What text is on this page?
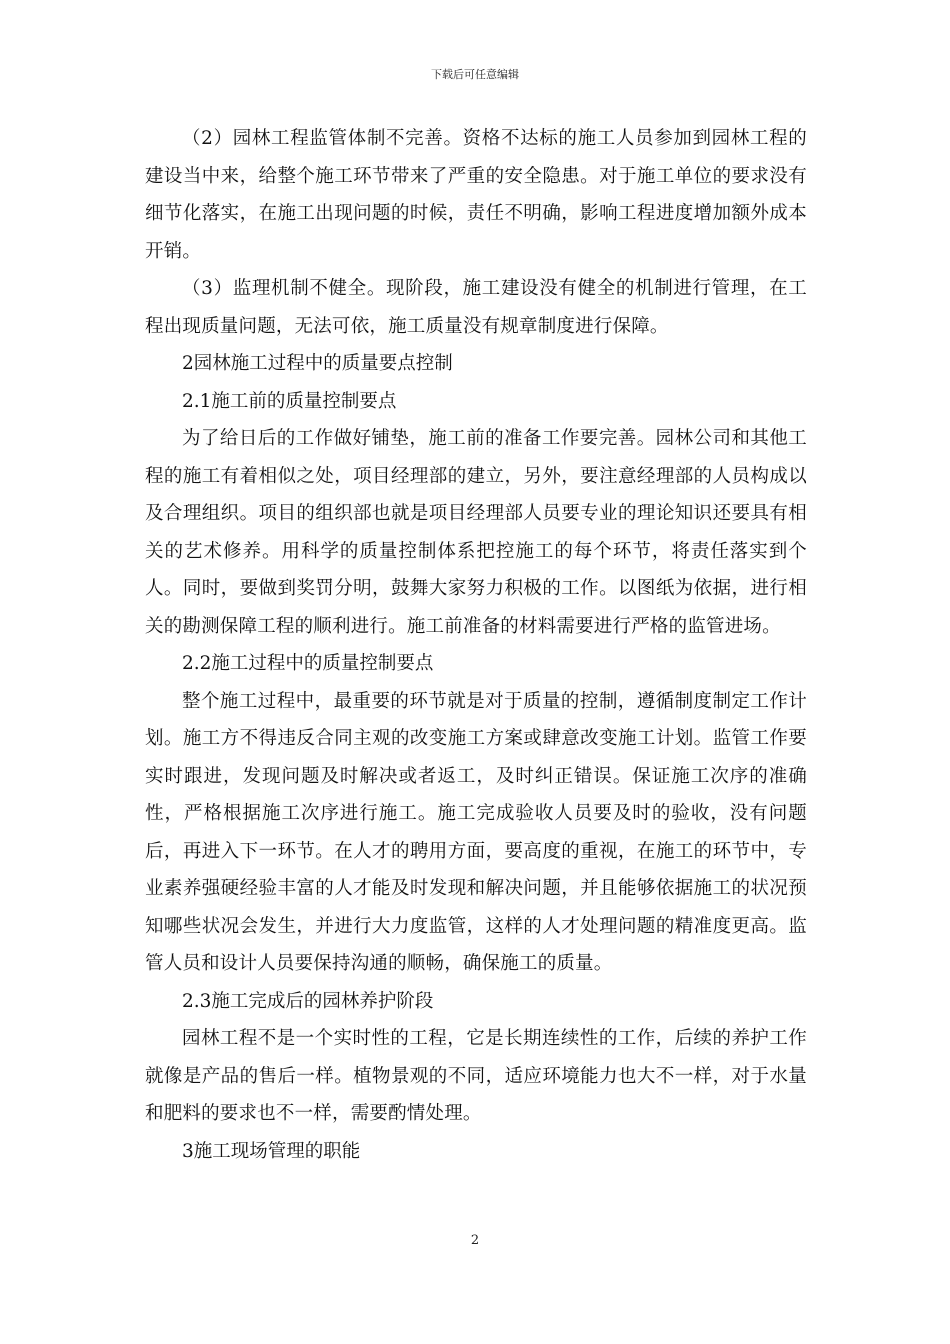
下载后可任意编辑

（2）园林工程监管体制不完善。资格不达标的施工人员参加到园林工程的建设当中来，给整个施工环节带来了严重的安全隐患。对于施工单位的要求没有细节化落实，在施工出现问题的时候，责任不明确，影响工程进度增加额外成本开销。

（3）监理机制不健全。现阶段，施工建设没有健全的机制进行管理，在工程出现质量问题，无法可依，施工质量没有规章制度进行保障。

2园林施工过程中的质量要点控制

2.1施工前的质量控制要点

为了给日后的工作做好铺垫，施工前的准备工作要完善。园林公司和其他工程的施工有着相似之处，项目经理部的建立，另外，要注意经理部的人员构成以及合理组织。项目的组织部也就是项目经理部人员要专业的理论知识还要具有相关的艺术修养。用科学的质量控制体系把控施工的每个环节，将责任落实到个人。同时，要做到奖罚分明，鼓舞大家努力积极的工作。以图纸为依据，进行相关的勘测保障工程的顺利进行。施工前准备的材料需要进行严格的监管进场。

2.2施工过程中的质量控制要点

整个施工过程中，最重要的环节就是对于质量的控制，遵循制度制定工作计划。施工方不得违反合同主观的改变施工方案或肆意改变施工计划。监管工作要实时跟进，发现问题及时解决或者返工，及时纠正错误。保证施工次序的准确性，严格根据施工次序进行施工。施工完成验收人员要及时的验收，没有问题后，再进入下一环节。在人才的聘用方面，要高度的重视，在施工的环节中，专业素养强硬经验丰富的人才能及时发现和解决问题，并且能够依据施工的状况预知哪些状况会发生，并进行大力度监管，这样的人才处理问题的精准度更高。监管人员和设计人员要保持沟通的顺畅，确保施工的质量。

2.3施工完成后的园林养护阶段

园林工程不是一个实时性的工程，它是长期连续性的工作，后续的养护工作就像是产品的售后一样。植物景观的不同，适应环境能力也大不一样，对于水量和肥料的要求也不一样，需要酌情处理。

3施工现场管理的职能

2
